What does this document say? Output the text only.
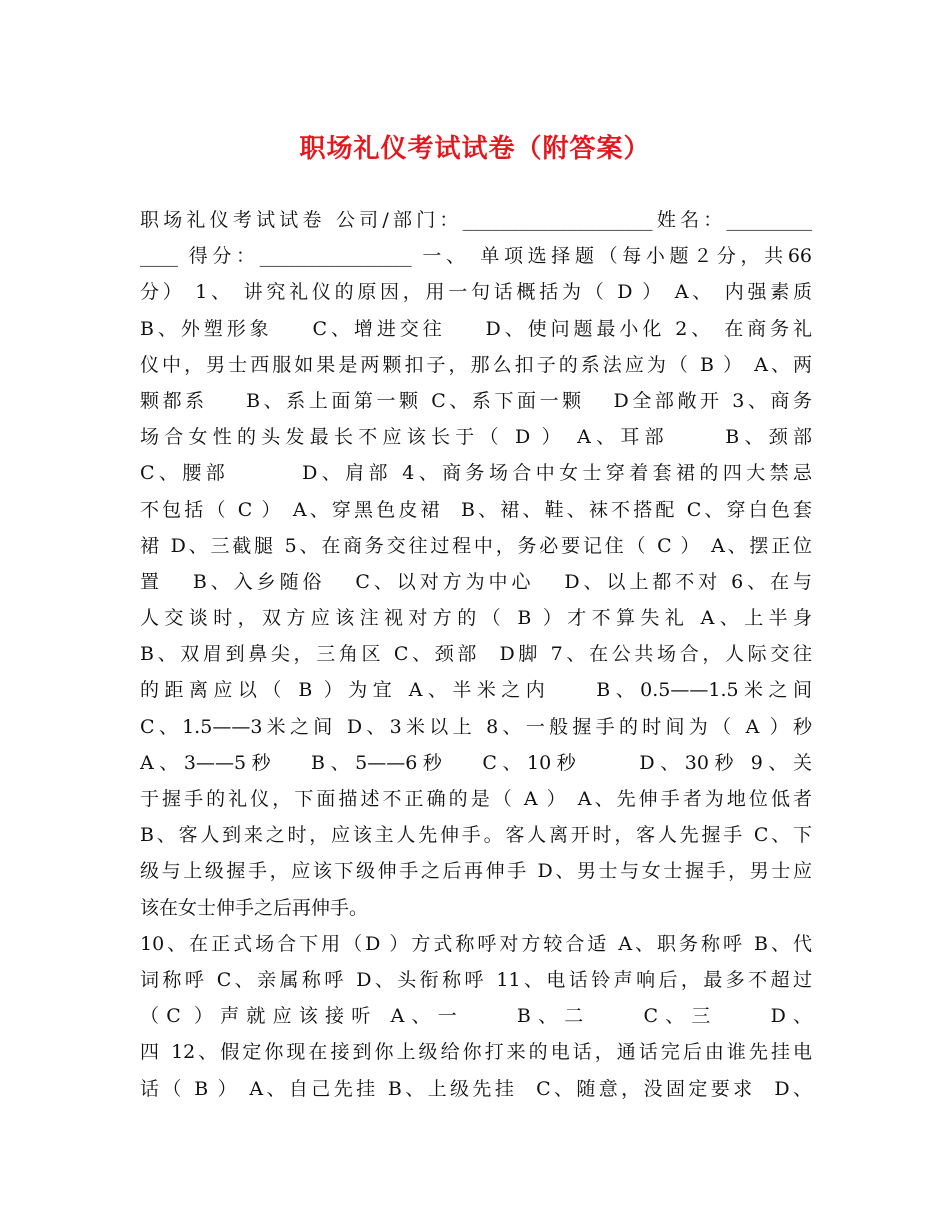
职场礼仪考试试卷（附答案）
职场礼仪考试试卷 公司/部门：____________________姓名：_________
____ 得分：________________ 一、 单项选择题（每小题２分，共66
分） 1、 讲究礼仪的原因，用一句话概括为（ D ） A、 内强素质
B、外塑形象    C、增进交往    D、使问题最小化 2、 在商务礼
仪中，男士西服如果是两颗扣子，那么扣子的系法应为（ B ） A、两
颗都系    B、系上面第一颗 C、系下面一颗   D全部敞开 3、商务
场合女性的头发最长不应该长于（ D ） A、耳部     B、颈部
C、腰部       D、肩部 4、商务场合中女士穿着套裙的四大禁忌
不包括（ C ） A、穿黑色皮裙  B、裙、鞋、袜不搭配 C、穿白色套
裙 D、三截腿 5、在商务交往过程中，务必要记住（ C ） A、摆正位
置   B、入乡随俗   C、以对方为中心   D、以上都不对 6、在与
人交谈时，双方应该注视对方的（ B ）才不算失礼 A、上半身
B、双眉到鼻尖，三角区 C、颈部  D脚 7、在公共场合，人际交往
的距离应以（ B ）为宜 A、半米之内    B、0.5——1.5米之间
C、1.5——3米之间 D、3米以上 8、一般握手的时间为（ A ）秒
A、3——5秒   B、5——6秒   C、10秒     D、30秒 9、关
于握手的礼仪，下面描述不正确的是（ A ） A、先伸手者为地位低者
B、客人到来之时，应该主人先伸手。客人离开时，客人先握手 C、下
级与上级握手，应该下级伸手之后再伸手 D、男士与女士握手，男士应
该在女士伸手之后再伸手。
10、在正式场合下用（D ）方式称呼对方较合适 A、职务称呼 B、代
词称呼 C、亲属称呼 D、头衔称呼 11、电话铃声响后，最多不超过
（C ）声就应该接听 A、一    B、二    C、三    D、
四 12、假定你现在接到你上级给你打来的电话，通话完后由谁先挂电
话（ B ） A、自己先挂 B、上级先挂  C、随意，没固定要求  D、
